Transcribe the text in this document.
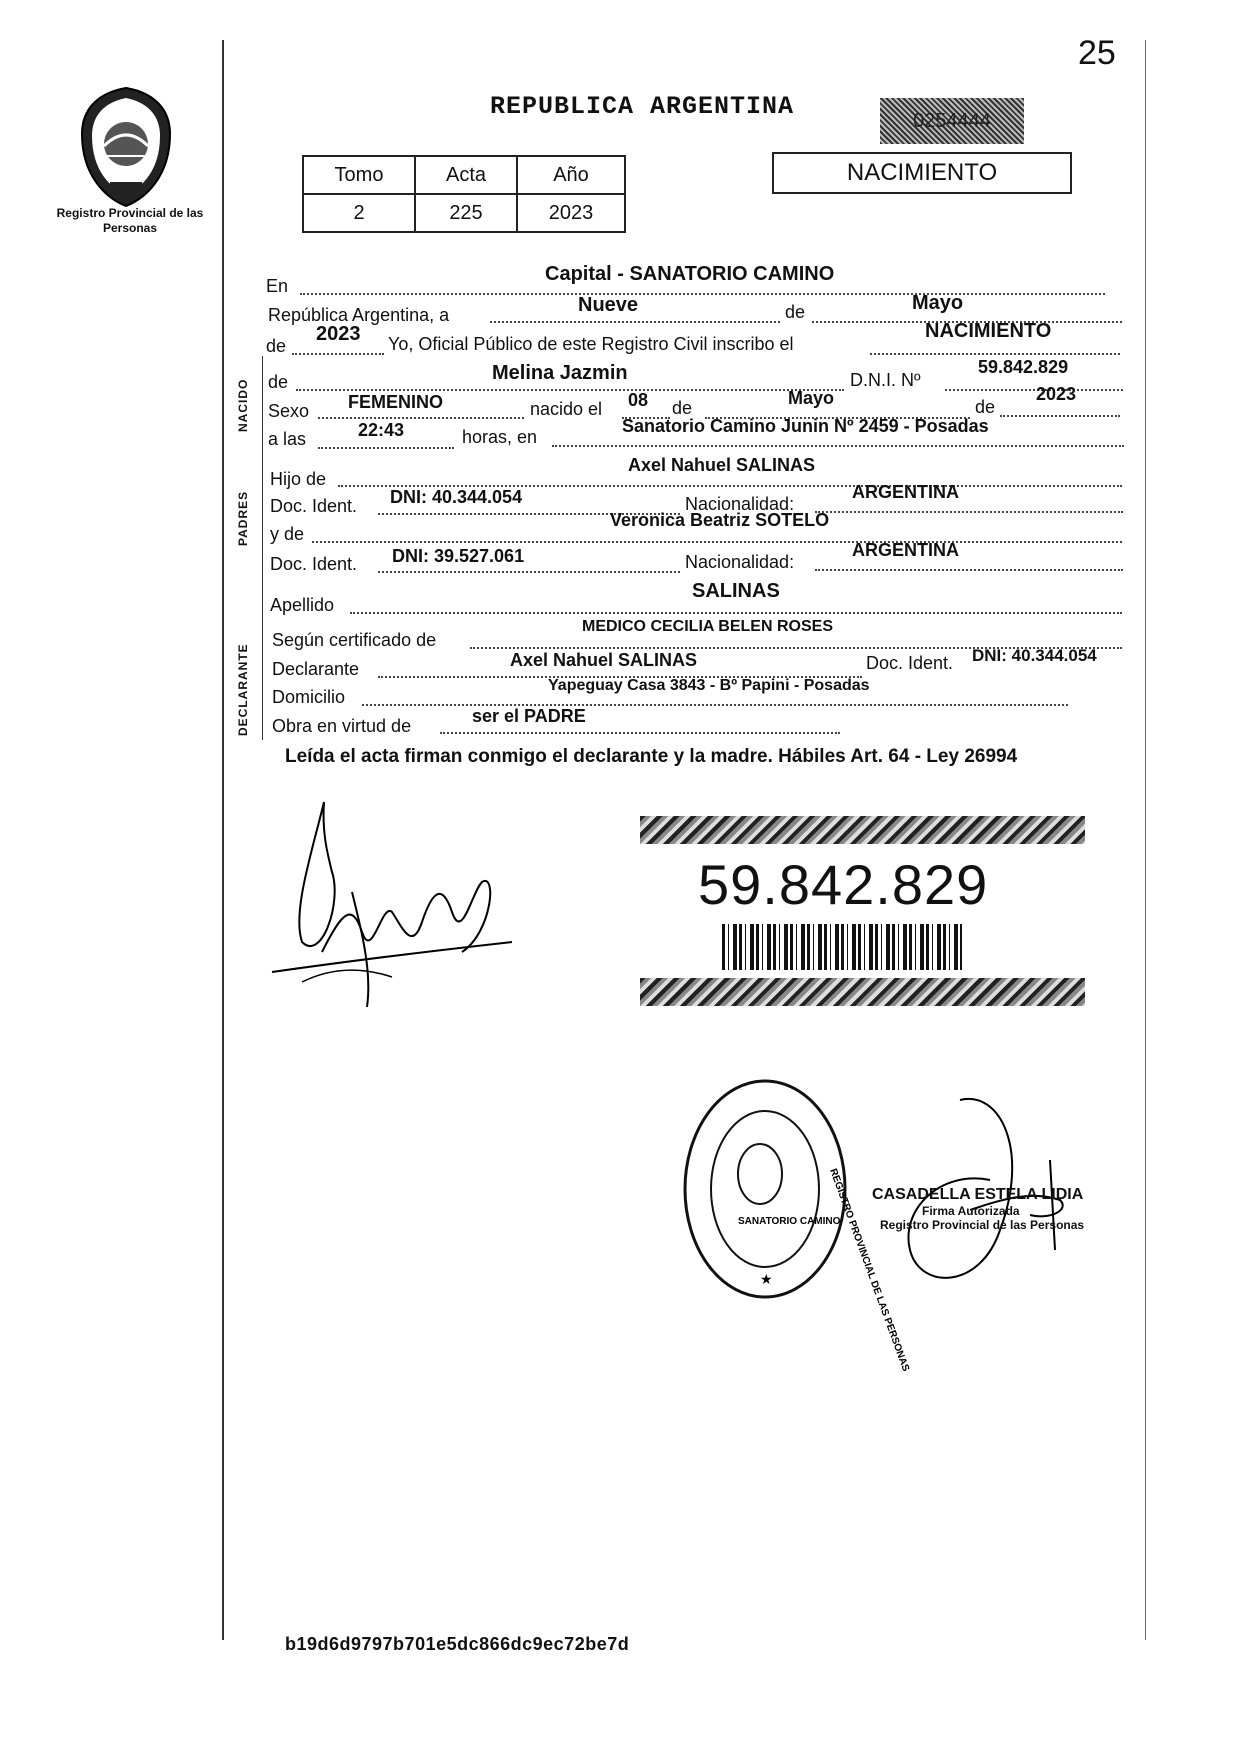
25
Registro Provincial de las Personas
REPUBLICA ARGENTINA	0254444
Tomo	Acta	Año
2	225	2023
NACIMIENTO
NACIDO
PADRES
DECLARANTE
En
Capital - SANATORIO CAMINO
República Argentina, a	Nueve	de	Mayo
de
2023 Yo, Oficial Público de este Registro Civil inscribo el
NACIMIENTO
de	Melina Jazmin	D.N.I. Nº
59.842.829
Sexo FEMENINO	nacido el 08 de	Mayo	de
2023
a las	22:43	horas, en
Sanatorio Camino Junin Nº 2459 - Posadas
Hijo de
Axel Nahuel SALINAS
Doc. Ident. DNI: 40.344.054	Nacionalidad:
ARGENTINA
y de
Veronica Beatriz SOTELO
Doc. Ident. DNI: 39.527.061	Nacionalidad:
ARGENTINA
Apellido
SALINAS
Según certificado de
MEDICO CECILIA BELEN ROSES
Declarante	Axel Nahuel SALINAS	Doc. Ident. DNI: 40.344.054
Domicilio
Yapeguay Casa 3843 - Bº Papini - Posadas
Obra en virtud de	ser el PADRE
Leída el acta firman conmigo el declarante y la madre. Hábiles Art. 64 - Ley 26994
59.842.829
REGISTRO PROVINCIAL DE LAS PERSONAS
SANATORIO CAMINO
★
CASADELLA ESTELA LIDIA
Firma Autorizada
Registro Provincial de las Personas
b19d6d9797b701e5dc866dc9ec72be7d
